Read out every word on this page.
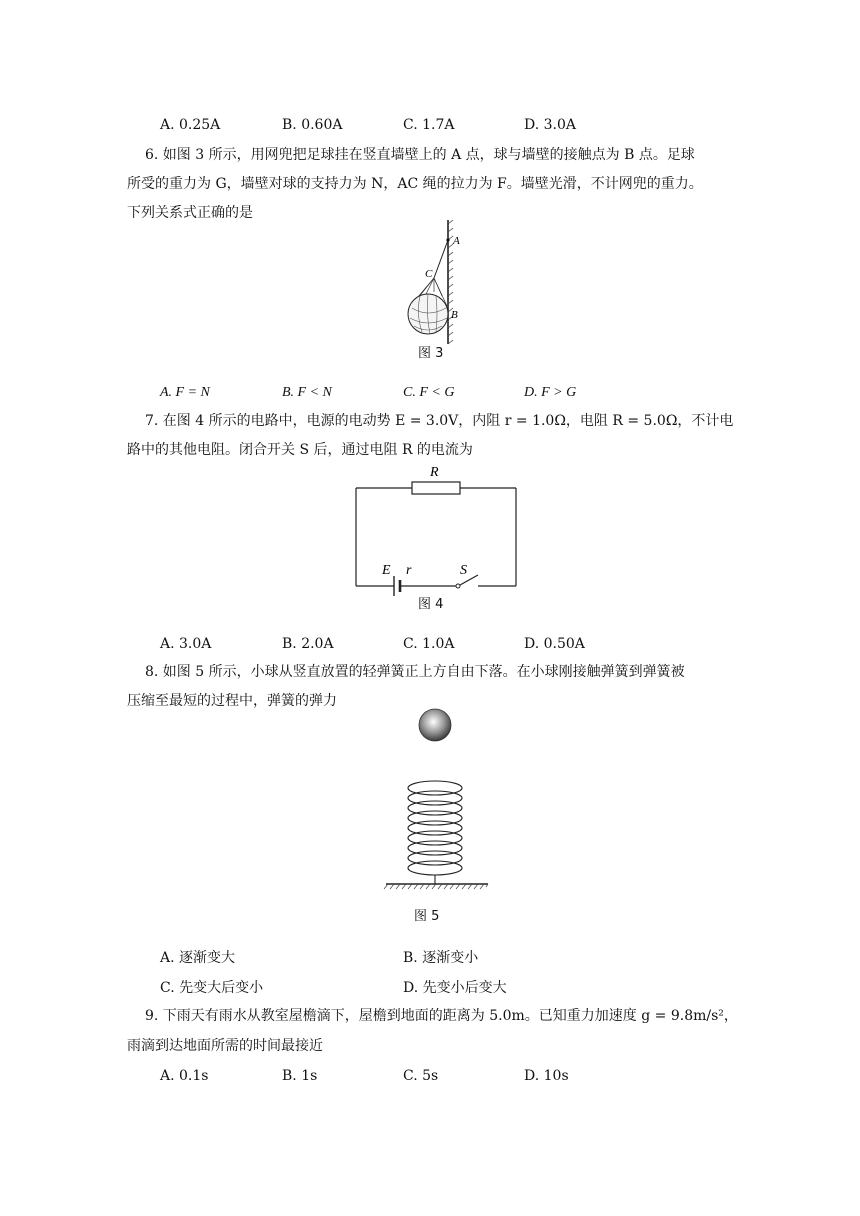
A. 0.25A	B. 0.60A	C. 1.7A	D. 3.0A
6. 如图 3 所示，用网兜把足球挂在竖直墙壁上的 A 点，球与墙壁的接触点为 B 点。足球
所受的重力为 G，墙壁对球的支持力为 N，AC 绳的拉力为 F。墙壁光滑，不计网兜的重力。
下列关系式正确的是
A
C
B
图 3
A. F = N	B. F < N	C. F < G	D. F > G
7. 在图 4 所示的电路中，电源的电动势 E = 3.0V，内阻 r = 1.0Ω，电阻 R = 5.0Ω，不计电
路中的其他电阻。闭合开关 S 后，通过电阻 R 的电流为
R
E r	S
图 4
A. 3.0A	B. 2.0A	C. 1.0A	D. 0.50A
8. 如图 5 所示，小球从竖直放置的轻弹簧正上方自由下落。在小球刚接触弹簧到弹簧被
压缩至最短的过程中，弹簧的弹力
图 5
A. 逐渐变大	B. 逐渐变小
C. 先变大后变小	D. 先变小后变大
9. 下雨天有雨水从教室屋檐滴下，屋檐到地面的距离为 5.0m。已知重力加速度 g = 9.8m/s²，
雨滴到达地面所需的时间最接近
A. 0.1s	B. 1s	C. 5s	D. 10s
